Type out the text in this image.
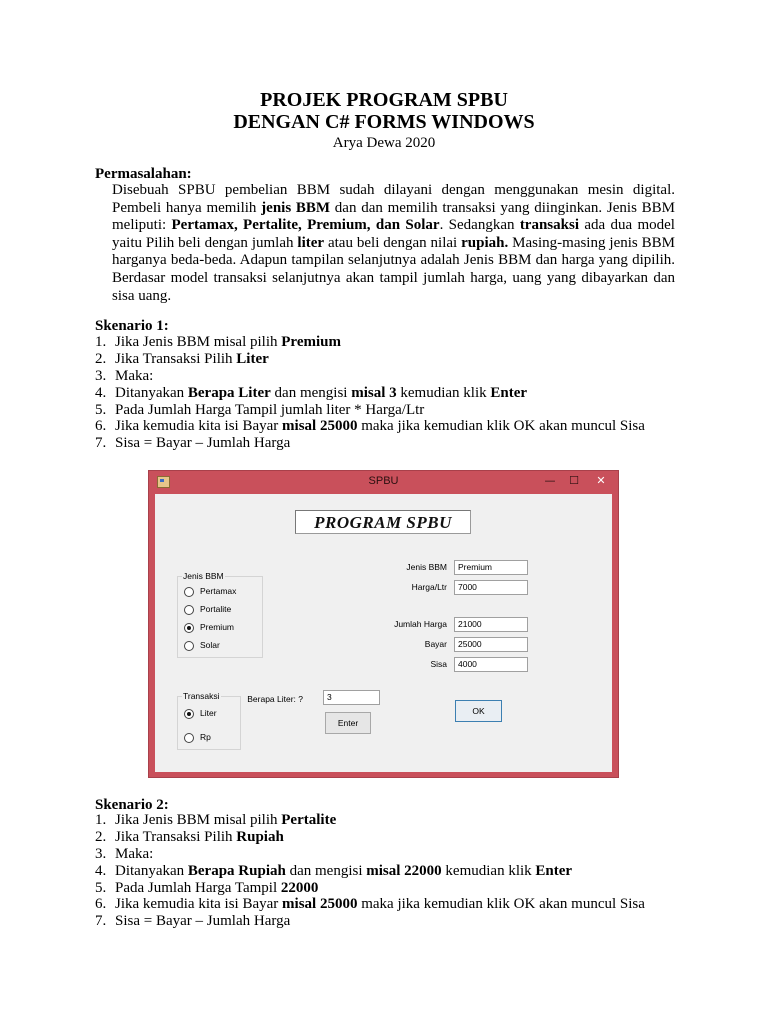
PROJEK PROGRAM SPBU
DENGAN C# FORMS WINDOWS
Arya Dewa 2020
Permasalahan:
Disebuah SPBU pembelian BBM sudah dilayani dengan menggunakan mesin digital. Pembeli hanya memilih jenis BBM dan dan memilih transaksi yang diinginkan. Jenis BBM meliputi: Pertamax, Pertalite, Premium, dan Solar. Sedangkan transaksi ada dua model yaitu Pilih beli dengan jumlah liter atau beli dengan nilai rupiah. Masing-masing jenis BBM harganya beda-beda. Adapun tampilan selanjutnya adalah Jenis BBM dan harga yang dipilih. Berdasar model transaksi selanjutnya akan tampil jumlah harga, uang yang dibayarkan dan sisa uang.
Skenario 1:
1. Jika Jenis BBM misal pilih Premium
2. Jika Transaksi Pilih Liter
3. Maka:
4. Ditanyakan Berapa Liter dan mengisi misal 3 kemudian klik Enter
5. Pada Jumlah Harga Tampil jumlah liter * Harga/Ltr
6. Jika kemudia kita isi Bayar misal 25000 maka jika kemudian klik OK akan muncul Sisa
7. Sisa = Bayar – Jumlah Harga
SPBU	—	☐	✕
PROGRAM SPBU
Jenis BBM
Pertamax
Portalite
Premium
Solar
Transaksi
Liter
Rp
Jenis BBM	Premium
Harga/Ltr	7000
Jumlah Harga	21000
Bayar	25000
Sisa	4000
Berapa Liter: ?	3
OK
Enter
Skenario 2:
1. Jika Jenis BBM misal pilih Pertalite
2. Jika Transaksi Pilih Rupiah
3. Maka:
4. Ditanyakan Berapa Rupiah dan mengisi misal 22000 kemudian klik Enter
5. Pada Jumlah Harga Tampil 22000
6. Jika kemudia kita isi Bayar misal 25000 maka jika kemudian klik OK akan muncul Sisa
7. Sisa = Bayar – Jumlah Harga
